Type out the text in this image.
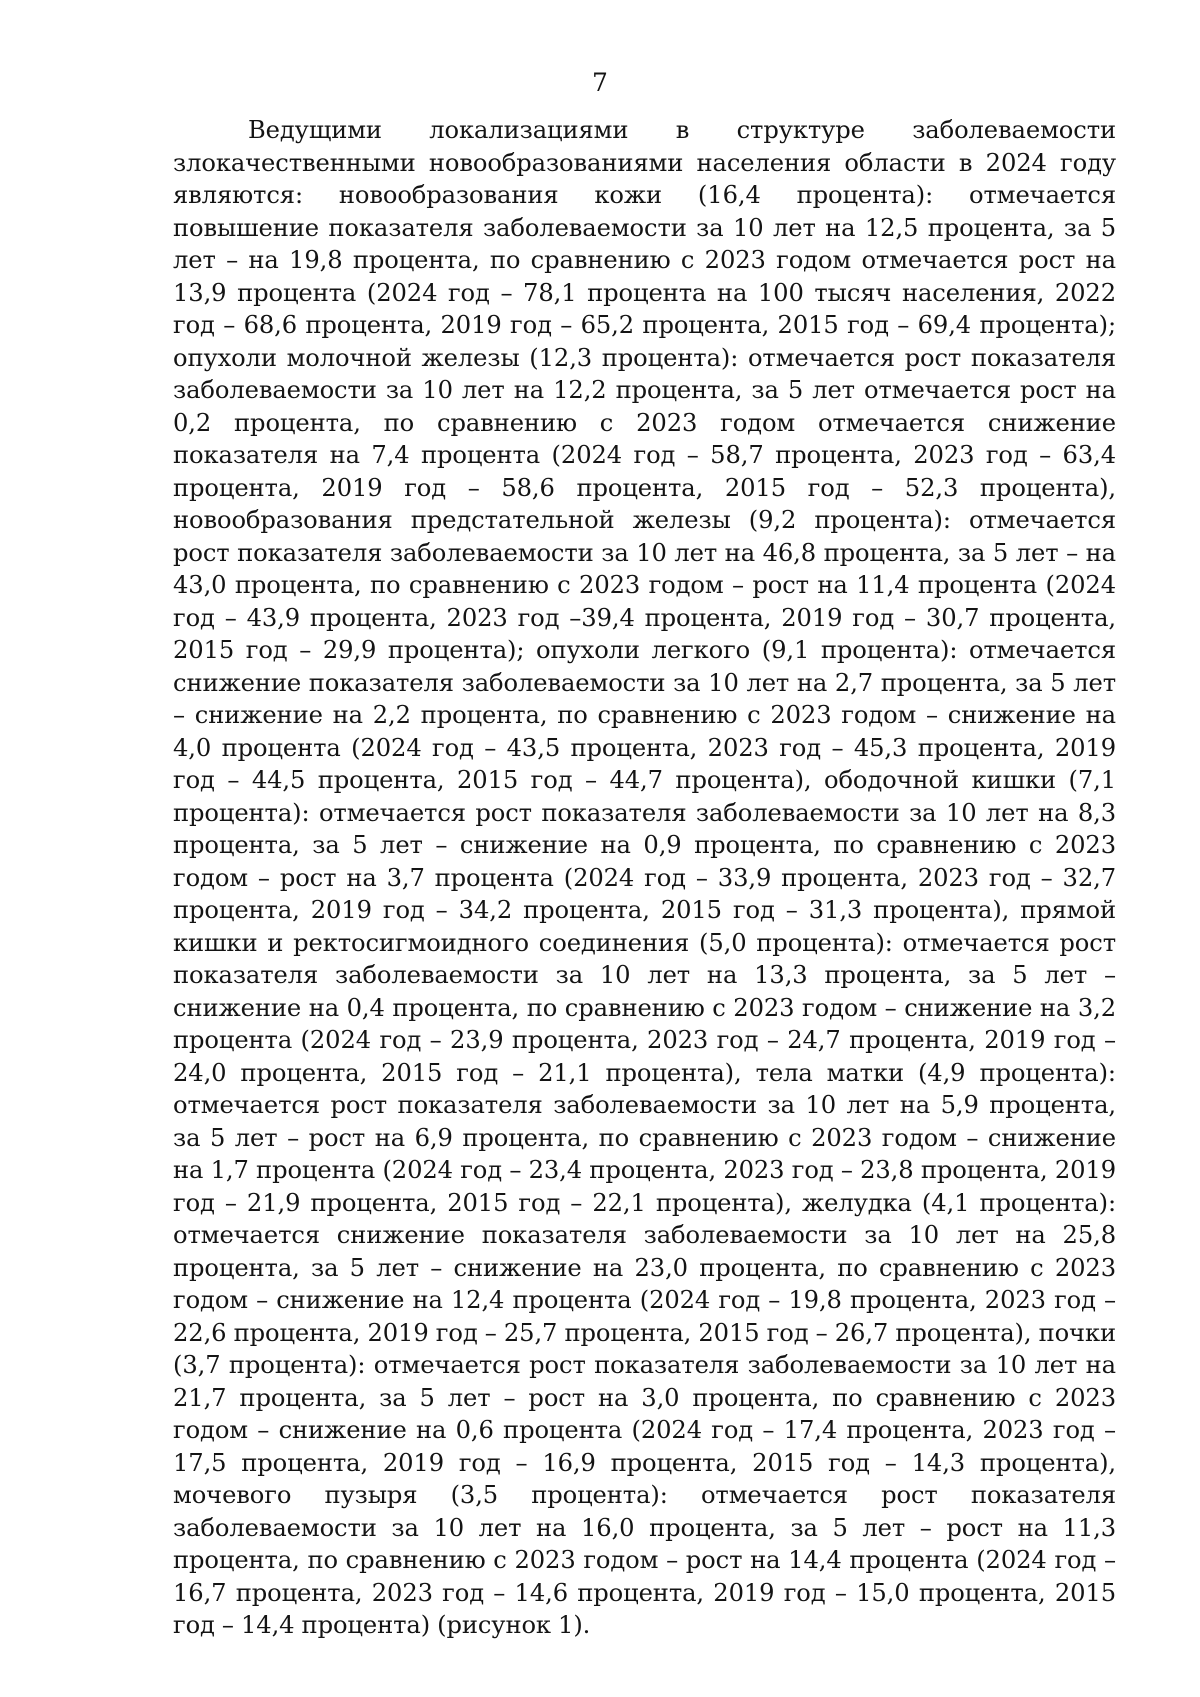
7

Ведущими локализациями в структуре заболеваемости злокачественными новообразованиями населения области в 2024 году являются: новообразования кожи (16,4 процента): отмечается повышение показателя заболеваемости за 10 лет на 12,5 процента, за 5 лет – на 19,8 процента, по сравнению с 2023 годом отмечается рост на 13,9 процента (2024 год – 78,1 процента на 100 тысяч населения, 2022 год – 68,6 процента, 2019 год – 65,2 процента, 2015 год – 69,4 процента); опухоли молочной железы (12,3 процента): отмечается рост показателя заболеваемости за 10 лет на 12,2 процента, за 5 лет отмечается рост на 0,2 процента, по сравнению с 2023 годом отмечается снижение показателя на 7,4 процента (2024 год – 58,7 процента, 2023 год – 63,4 процента, 2019 год – 58,6 процента, 2015 год – 52,3 процента), новообразования предстательной железы (9,2 процента): отмечается рост показателя заболеваемости за 10 лет на 46,8 процента, за 5 лет – на 43,0 процента, по сравнению с 2023 годом – рост на 11,4 процента (2024 год – 43,9 процента, 2023 год –39,4 процента, 2019 год – 30,7 процента, 2015 год – 29,9 процента); опухоли легкого (9,1 процента): отмечается снижение показателя заболеваемости за 10 лет на 2,7 процента, за 5 лет – снижение на 2,2 процента, по сравнению с 2023 годом – снижение на 4,0 процента (2024 год – 43,5 процента, 2023 год – 45,3 процента, 2019 год – 44,5 процента, 2015 год – 44,7 процента), ободочной кишки (7,1 процента): отмечается рост показателя заболеваемости за 10 лет на 8,3 процента, за 5 лет – снижение на 0,9 процента, по сравнению с 2023 годом – рост на 3,7 процента (2024 год – 33,9 процента, 2023 год – 32,7 процента, 2019 год – 34,2 процента, 2015 год – 31,3 процента), прямой кишки и ректосигмоидного соединения (5,0 процента): отмечается рост показателя заболеваемости за 10 лет на 13,3 процента, за 5 лет – снижение на 0,4 процента, по сравнению с 2023 годом – снижение на 3,2 процента (2024 год – 23,9 процента, 2023 год – 24,7 процента, 2019 год – 24,0 процента, 2015 год – 21,1 процента), тела матки (4,9 процента): отмечается рост показателя заболеваемости за 10 лет на 5,9 процента, за 5 лет – рост на 6,9 процента, по сравнению с 2023 годом – снижение на 1,7 процента (2024 год – 23,4 процента, 2023 год – 23,8 процента, 2019 год – 21,9 процента, 2015 год – 22,1 процента), желудка (4,1 процента): отмечается снижение показателя заболеваемости за 10 лет на 25,8 процента, за 5 лет – снижение на 23,0 процента, по сравнению с 2023 годом – снижение на 12,4 процента (2024 год – 19,8 процента, 2023 год – 22,6 процента, 2019 год – 25,7 процента, 2015 год – 26,7 процента), почки (3,7 процента): отмечается рост показателя заболеваемости за 10 лет на 21,7 процента, за 5 лет – рост на 3,0 процента, по сравнению с 2023 годом – снижение на 0,6 процента (2024 год – 17,4 процента, 2023 год – 17,5 процента, 2019 год – 16,9 процента, 2015 год – 14,3 процента), мочевого пузыря (3,5 процента): отмечается рост показателя заболеваемости за 10 лет на 16,0 процента, за 5 лет – рост на 11,3 процента, по сравнению с 2023 годом – рост на 14,4 процента (2024 год – 16,7 процента, 2023 год – 14,6 процента, 2019 год – 15,0 процента, 2015 год – 14,4 процента) (рисунок 1).
